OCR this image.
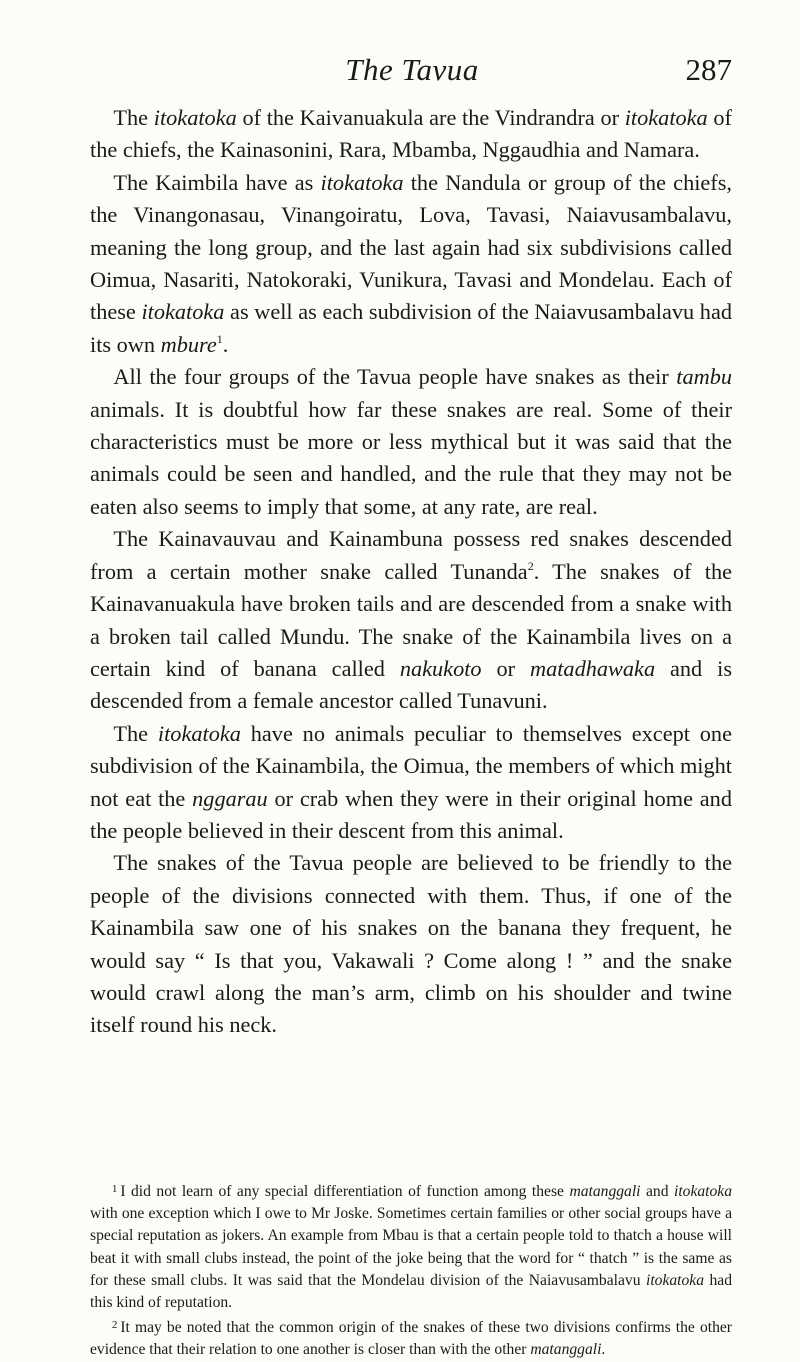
The Tavua	287

The itokatoka of the Kaivanuakula are the Vindrandra or itokatoka of the chiefs, the Kainasonini, Rara, Mbamba, Nggaudhia and Namara.

The Kaimbila have as itokatoka the Nandula or group of the chiefs, the Vinangonasau, Vinangoiratu, Lova, Tavasi, Naiavusambalavu, meaning the long group, and the last again had six subdivisions called Oimua, Nasariti, Natokoraki, Vunikura, Tavasi and Mondelau. Each of these itokatoka as well as each subdivision of the Naiavusambalavu had its own mbure$^1$.

All the four groups of the Tavua people have snakes as their tambu animals. It is doubtful how far these snakes are real. Some of their characteristics must be more or less mythical but it was said that the animals could be seen and handled, and the rule that they may not be eaten also seems to imply that some, at any rate, are real.

The Kainavauvau and Kainambuna possess red snakes descended from a certain mother snake called Tunanda$^2$. The snakes of the Kainavanuakula have broken tails and are descended from a snake with a broken tail called Mundu. The snake of the Kainambila lives on a certain kind of banana called nakukoto or matadhawaka and is descended from a female ancestor called Tunavuni.

The itokatoka have no animals peculiar to themselves except one subdivision of the Kainambila, the Oimua, the members of which might not eat the nggarau or crab when they were in their original home and the people believed in their descent from this animal.

The snakes of the Tavua people are believed to be friendly to the people of the divisions connected with them. Thus, if one of the Kainambila saw one of his snakes on the banana they frequent, he would say “ Is that you, Vakawali ? Come along ! ” and the snake would crawl along the man’s arm, climb on his shoulder and twine itself round his neck.

$^1$ I did not learn of any special differentiation of function among these matanggali and itokatoka with one exception which I owe to Mr Joske. Sometimes certain families or other social groups have a special reputation as jokers. An example from Mbau is that a certain people told to thatch a house will beat it with small clubs instead, the point of the joke being that the word for “ thatch ” is the same as for these small clubs. It was said that the Mondelau division of the Naiavusambalavu itokatoka had this kind of reputation.

$^2$ It may be noted that the common origin of the snakes of these two divisions confirms the other evidence that their relation to one another is closer than with the other matanggali.
